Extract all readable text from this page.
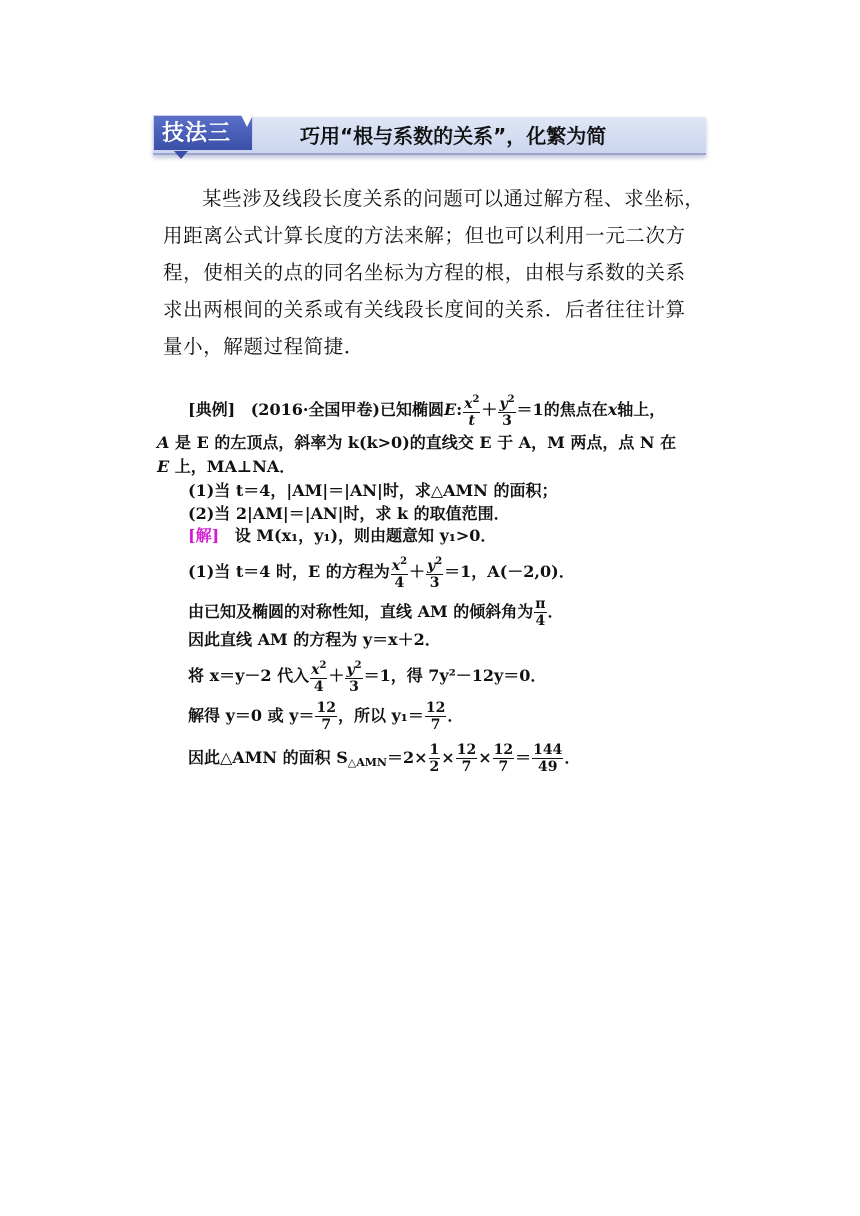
技法三	巧用“根与系数的关系”，化繁为简

某些涉及线段长度关系的问题可以通过解方程、求坐标，

用距离公式计算长度的方法来解；但也可以利用一元二次方

程，使相关的点的同名坐标为方程的根，由根与系数的关系

求出两根间的关系或有关线段长度间的关系．后者往往计算

量小，解题过程简捷．

[典例] (2016·全国甲卷)已知椭圆E: $\frac{x^2}{t} + \frac{y^2}{3} =1$的焦点在x轴上，
A 是 E 的左顶点，斜率为 k(k>0)的直线交 E 于 A，M 两点，点 N 在
E 上，MA⊥NA．
(1)当 t＝4，|AM|＝|AN|时，求△AMN 的面积；
(2)当 2|AM|＝|AN|时，求 k 的取值范围．
[解] 设 M(x₁，y₁)，则由题意知 y₁>0．
(1)当 t＝4 时，E 的方程为 $\frac{x^2}{4} + \frac{y^2}{3} =1$，A(－2,0)．
由已知及椭圆的对称性知，直线 AM 的倾斜角为 $\frac{\pi}{4}$ ．
因此直线 AM 的方程为 y＝x＋2．
将 x＝y－2 代入 $\frac{x^2}{4} + \frac{y^2}{3} =1$，得 7y²－12y＝0．
解得 y＝0 或 $y= \frac{12}{7}$ ，所以 $y_1= \frac{12}{7}$ ．
因此△AMN 的面积 $S_{\triangle AMN}=2\times \frac{1}{2} \times \frac{12}{7} \times \frac{12}{7} = \frac{144}{49}$ ．
